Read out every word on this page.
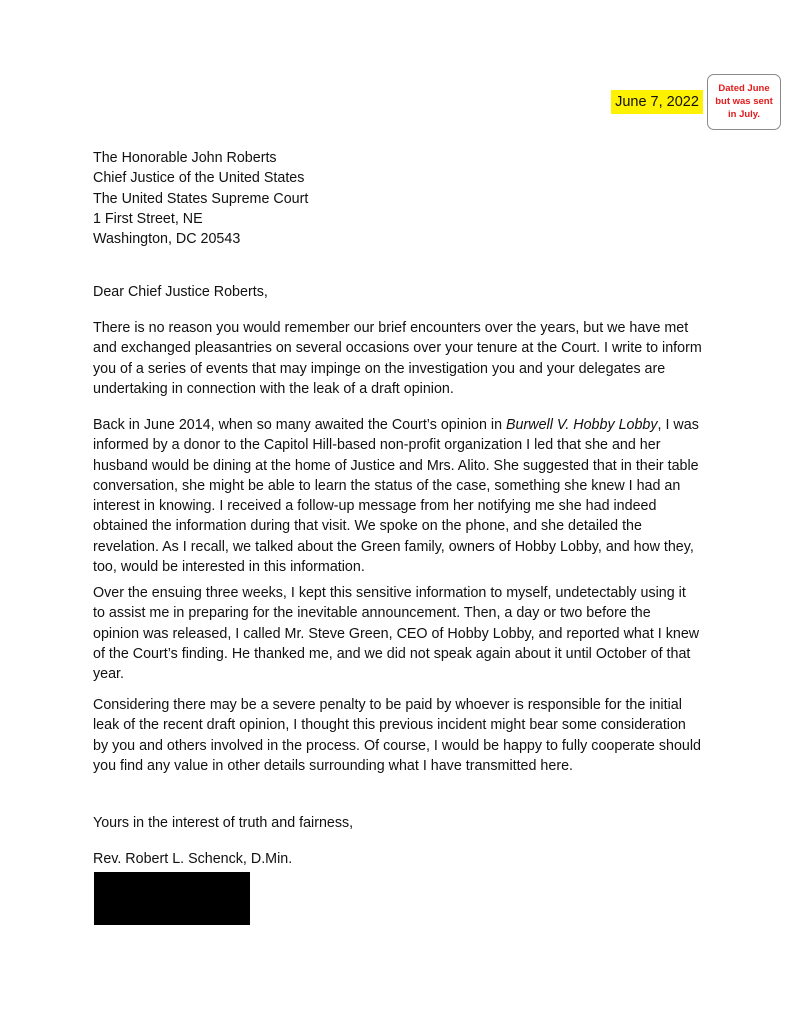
June 7, 2022
Dated June
but was sent
in July.
The Honorable John Roberts
Chief Justice of the United States
The United States Supreme Court
1 First Street, NE
Washington, DC 20543
Dear Chief Justice Roberts,
There is no reason you would remember our brief encounters over the years, but we have met
and exchanged pleasantries on several occasions over your tenure at the Court. I write to inform
you of a series of events that may impinge on the investigation you and your delegates are
undertaking in connection with the leak of a draft opinion.
Back in June 2014, when so many awaited the Court’s opinion in Burwell V. Hobby Lobby, I was
informed by a donor to the Capitol Hill-based non-profit organization I led that she and her
husband would be dining at the home of Justice and Mrs. Alito. She suggested that in their table
conversation, she might be able to learn the status of the case, something she knew I had an
interest in knowing. I received a follow-up message from her notifying me she had indeed
obtained the information during that visit. We spoke on the phone, and she detailed the
revelation. As I recall, we talked about the Green family, owners of Hobby Lobby, and how they,
too, would be interested in this information.
Over the ensuing three weeks, I kept this sensitive information to myself, undetectably using it
to assist me in preparing for the inevitable announcement. Then, a day or two before the
opinion was released, I called Mr. Steve Green, CEO of Hobby Lobby, and reported what I knew
of the Court’s finding. He thanked me, and we did not speak again about it until October of that
year.
Considering there may be a severe penalty to be paid by whoever is responsible for the initial
leak of the recent draft opinion, I thought this previous incident might bear some consideration
by you and others involved in the process. Of course, I would be happy to fully cooperate should
you find any value in other details surrounding what I have transmitted here.
Yours in the interest of truth and fairness,
Rev. Robert L. Schenck, D.Min.
